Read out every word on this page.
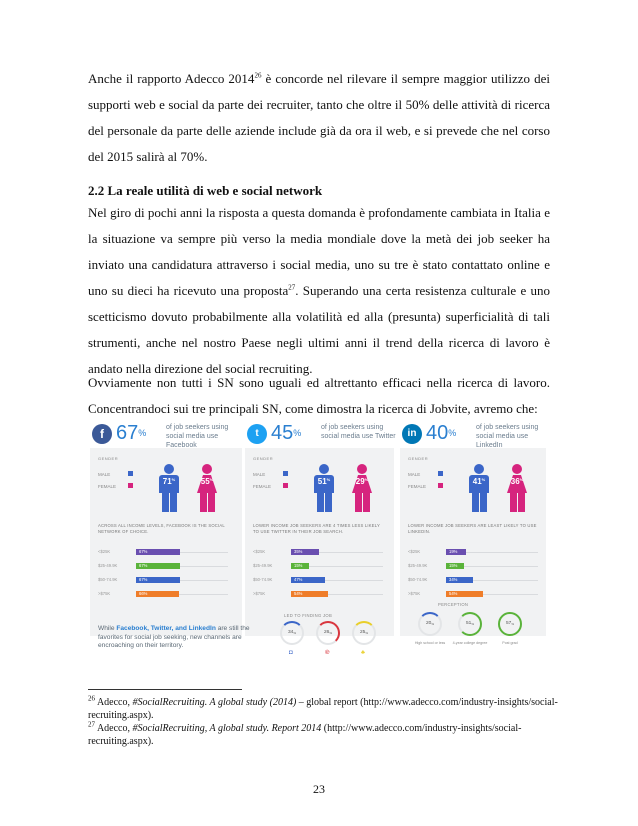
Anche il rapporto Adecco 2014$^{26}$ è concorde nel rilevare il sempre maggior utilizzo dei supporti web e social da parte dei recruiter, tanto che oltre il 50% delle attività di ricerca del personale da parte delle aziende include già da ora il web, e si prevede che nel corso del 2015 salirà al 70%.
2.2 La reale utilità di web e social network
Nel giro di pochi anni la risposta a questa domanda è profondamente cambiata in Italia e la situazione va sempre più verso la media mondiale dove la metà dei job seeker ha inviato una candidatura attraverso i social media, uno su tre è stato contattato online e uno su dieci ha ricevuto una proposta$^{27}$. Superando una certa resistenza culturale e uno scetticismo dovuto probabilmente alla volatilità ed alla (presunta) superficialità di tali strumenti, anche nel nostro Paese negli ultimi anni il trend della ricerca di lavoro è andato nella direzione del social recruiting.
Ovviamente non tutti i SN sono uguali ed altrettanto efficaci nella ricerca di lavoro. Concentrandoci sui tre principali SN, come dimostra la ricerca di Jobvite, avremo che:
f 67%
of job seekers using social media use Facebook
GENDER
MALE
FEMALE
71%	55%
ACROSS ALL INCOME LEVELS, FACEBOOK IS THE SOCIAL NETWORK OF CHOICE.
<$25K	67%
$25-49.9K	67%
$50-74.9K	67%
>$75K	66%
t 45%
of job seekers using social media use Twitter
GENDER
MALE
FEMALE
51%	29%
LOWER INCOME JOB SEEKERS ARE 4 TIMES LESS LIKELY TO USE TWITTER IN THEIR JOB SEARCH.
<$25K	35%
$25-49.9K	15%
$50-74.9K	47%
>$75K	54%
in 40%
of job seekers using social media use LinkedIn
GENDER
MALE
FEMALE
41%	36%
LOWER INCOME JOB SEEKERS ARE LEAST LIKELY TO USE LINKEDIN.
<$25K	19%
$25-49.9K	15%
$50-74.9K	34%
>$75K	54%
While Facebook, Twitter, and LinkedIn are still the favorites for social job seeking, new channels are encroaching on their territory.
LED TO FINDING JOB
34%
◘
26%
℗
25%
♣
PERCEPTION
20%
High school or less
51%
4-year college degree
57%
Post grad
$^{26}$ Adecco, #SocialRecruiting. A global study (2014) – global report (http://www.adecco.com/industry-insights/social-recruiting.aspx).
$^{27}$ Adecco, #SocialRecruiting, A global study. Report 2014 (http://www.adecco.com/industry-insights/social-recruiting.aspx).
23
